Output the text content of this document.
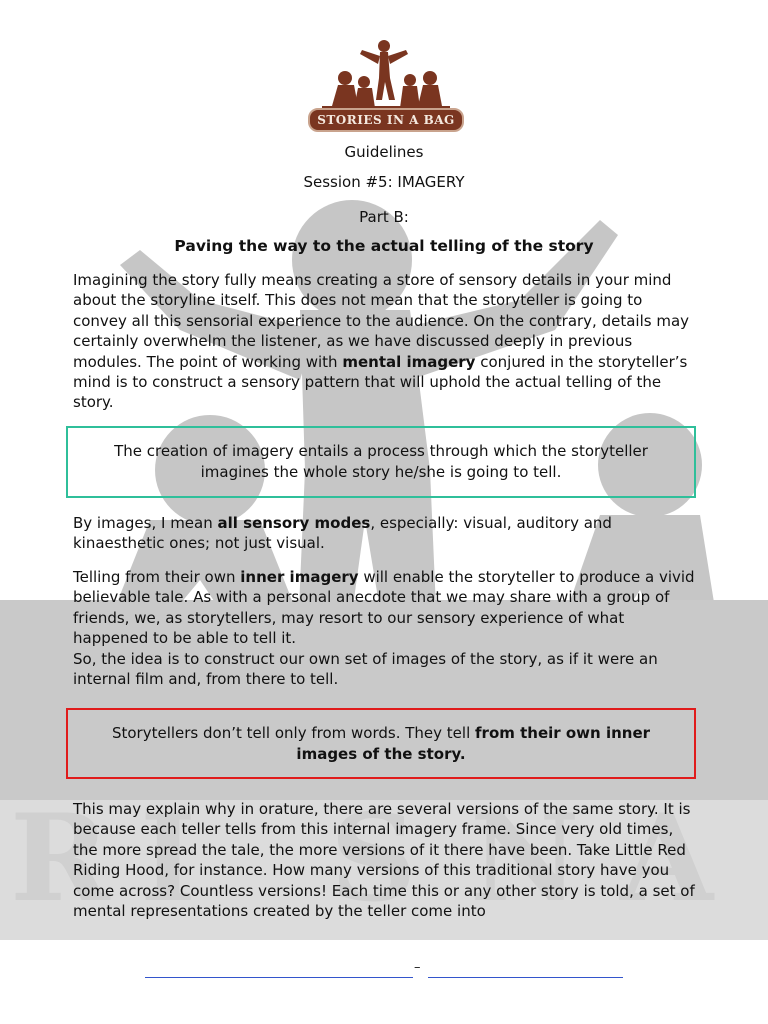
R I S N A
STORIES IN A BAG
Guidelines
Session #5: IMAGERY
Part B:
Paving the way to the actual telling of the story

Imagining the story fully means creating a store of sensory details in your mind about the storyline itself. This does not mean that the storyteller is going to convey all this sensorial experience to the audience. On the contrary, details may certainly overwhelm the listener, as we have discussed deeply in previous modules. The point of working with mental imagery conjured in the storyteller’s mind is to construct a sensory pattern that will uphold the actual telling of the story.

The creation of imagery entails a process through which the storyteller imagines the whole story he/she is going to tell.

By images, I mean all sensory modes, especially: visual, auditory and kinaesthetic ones; not just visual.

Telling from their own inner imagery will enable the storyteller to produce a vivid believable tale. As with a personal anecdote that we may share with a group of friends, we, as storytellers, may resort to our sensory experience of what happened to be able to tell it.
So, the idea is to construct our own set of images of the story, as if it were an internal film and, from there to tell.

Storytellers don’t tell only from words. They tell from their own inner images of the story.

This may explain why in orature, there are several versions of the same story. It is because each teller tells from this internal imagery frame. Since very old times, the more spread the tale, the more versions of it there have been. Take Little Red Riding Hood, for instance. How many versions of this traditional story have you come across? Countless versions! Each time this or any other story is told, a set of mental representations created by the teller come into

–
